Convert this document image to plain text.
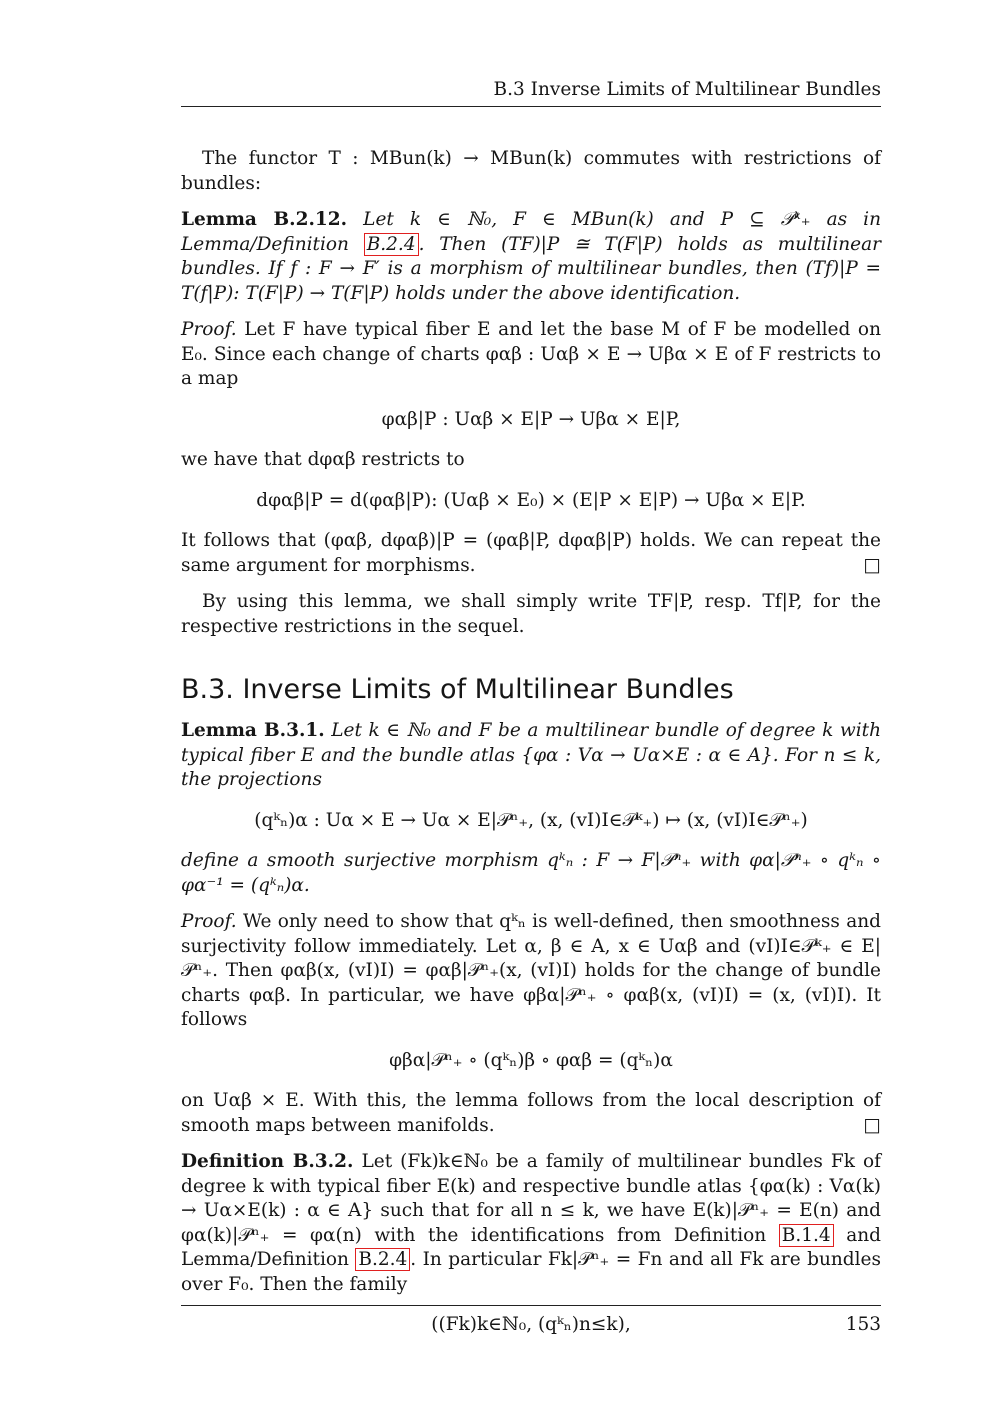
B.3 Inverse Limits of Multilinear Bundles

The functor T : MBun(k) → MBun(k) commutes with restrictions of bundles:

Lemma B.2.12. Let k ∈ ℕ₀, F ∈ MBun(k) and P ⊆ 𝒫ᵏ₊ as in Lemma/Definition B.2.4 . Then (TF)|P ≅ T(F|P) holds as multilinear bundles. If f : F → F′ is a morphism of multilinear bundles, then (Tf)|P = T(f|P): T(F|P) → T(F|P) holds under the above identification.

Proof. Let F have typical fiber E and let the base M of F be modelled on E₀. Since each change of charts φαβ : Uαβ × E → Uβα × E of F restricts to a map

φαβ|P : Uαβ × E|P → Uβα × E|P,

we have that dφαβ restricts to

dφαβ|P = d(φαβ|P): (Uαβ × E₀) × (E|P × E|P) → Uβα × E|P.

It follows that (φαβ, dφαβ)|P = (φαβ|P, dφαβ|P) holds. We can repeat the same argument for morphisms.	□

By using this lemma, we shall simply write TF|P, resp. Tf|P, for the respective restrictions in the sequel.

B.3. Inverse Limits of Multilinear Bundles

Lemma B.3.1. Let k ∈ ℕ₀ and F be a multilinear bundle of degree k with typical fiber E and the bundle atlas {φα : Vα → Uα×E : α ∈ A}. For n ≤ k, the projections

(qᵏₙ)α : Uα × E → Uα × E|𝒫ⁿ₊, (x, (vI)I∈𝒫ᵏ₊) ↦ (x, (vI)I∈𝒫ⁿ₊)

define a smooth surjective morphism qᵏₙ : F → F|𝒫ⁿ₊ with φα|𝒫ⁿ₊ ∘ qᵏₙ ∘ φα⁻¹ = (qᵏₙ)α.

Proof. We only need to show that qᵏₙ is well-defined, then smoothness and surjectivity follow immediately. Let α, β ∈ A, x ∈ Uαβ and (vI)I∈𝒫ᵏ₊ ∈ E|𝒫ⁿ₊. Then φαβ(x, (vI)I) = φαβ|𝒫ⁿ₊(x, (vI)I) holds for the change of bundle charts φαβ. In particular, we have φβα|𝒫ⁿ₊ ∘ φαβ(x, (vI)I) = (x, (vI)I). It follows

φβα|𝒫ⁿ₊ ∘ (qᵏₙ)β ∘ φαβ = (qᵏₙ)α

on Uαβ × E. With this, the lemma follows from the local description of smooth maps between manifolds.	□

Definition B.3.2. Let (Fk)k∈ℕ₀ be a family of multilinear bundles Fk of degree k with typical fiber E(k) and respective bundle atlas {φα(k) : Vα(k) → Uα×E(k) : α ∈ A} such that for all n ≤ k, we have E(k)|𝒫ⁿ₊ = E(n) and φα(k)|𝒫ⁿ₊ = φα(n) with the identifications from Definition B.1.4 and Lemma/Definition B.2.4 . In particular Fk|𝒫ⁿ₊ = Fn and all Fk are bundles over F₀. Then the family

((Fk)k∈ℕ₀, (qᵏₙ)n≤k),	153
